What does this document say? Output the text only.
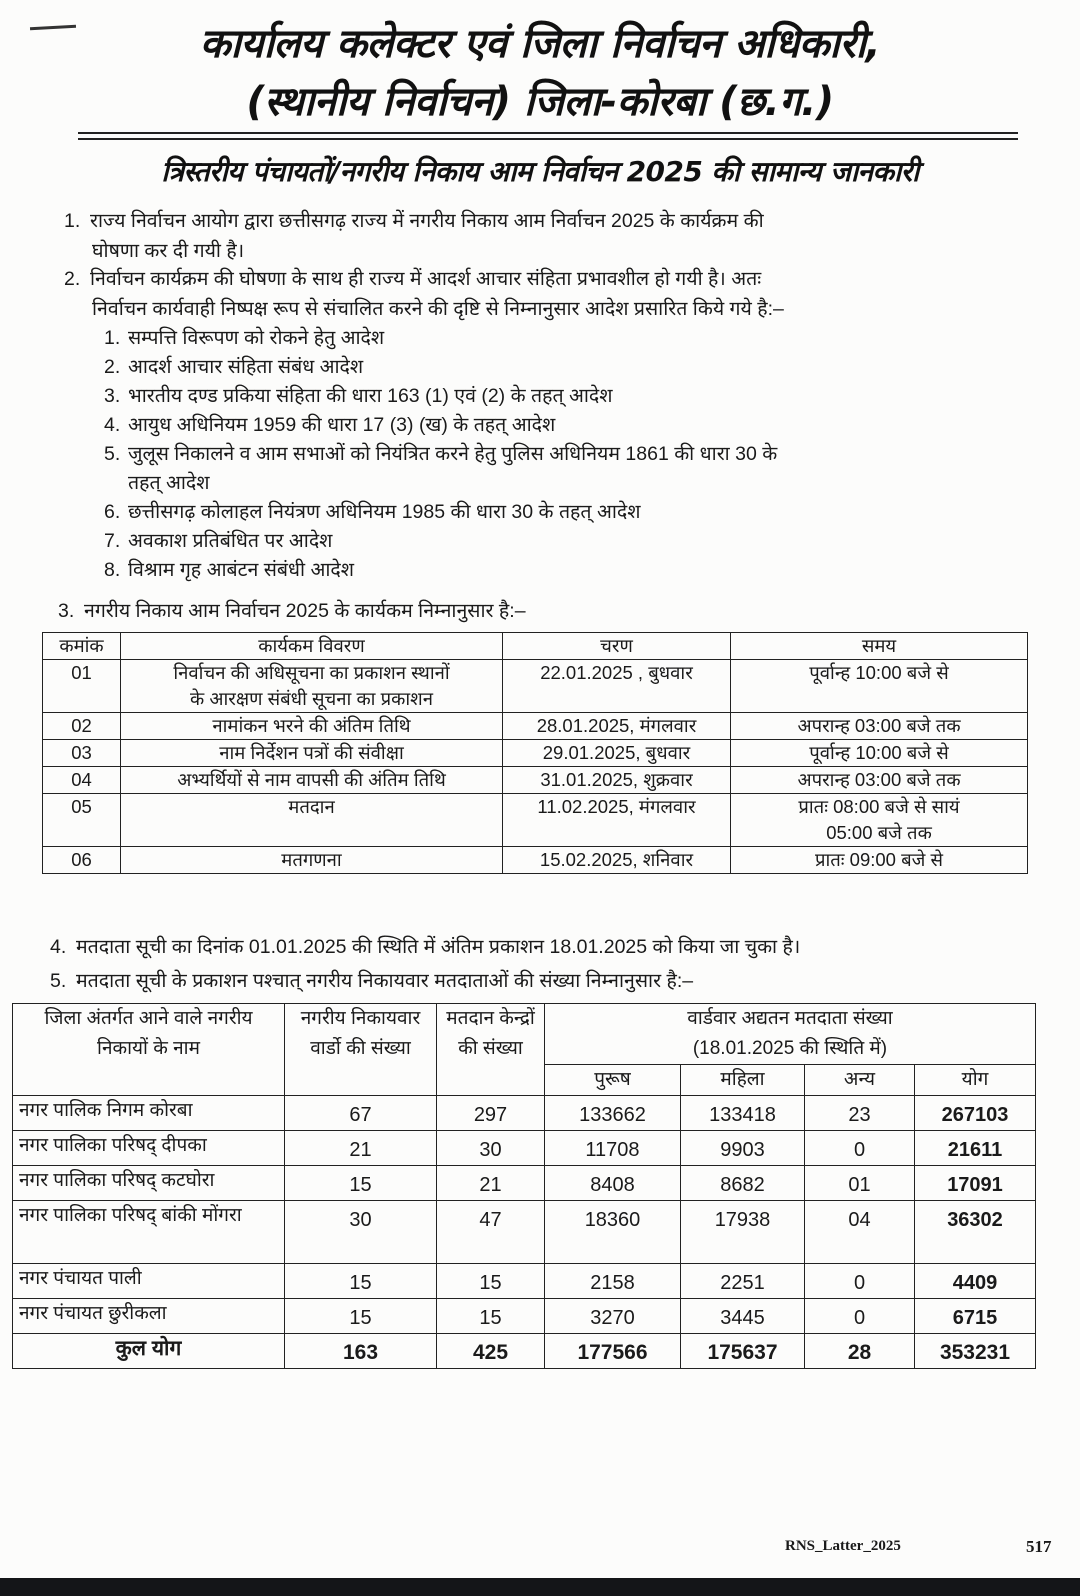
कार्यालय कलेक्टर एवं जिला निर्वाचन अधिकारी,
(स्थानीय निर्वाचन) जिला-कोरबा (छ.ग.)
त्रिस्तरीय पंचायतों/नगरीय निकाय आम निर्वाचन 2025 की सामान्य जानकारी
1. राज्य निर्वाचन आयोग द्वारा छत्तीसगढ़ राज्य में नगरीय निकाय आम निर्वाचन 2025 के कार्यक्रम की
घोषणा कर दी गयी है।
2. निर्वाचन कार्यक्रम की घोषणा के साथ ही राज्य में आदर्श आचार संहिता प्रभावशील हो गयी है। अतः
निर्वाचन कार्यवाही निष्पक्ष रूप से संचालित करने की दृष्टि से निम्नानुसार आदेश प्रसारित किये गये है:–
1. सम्पत्ति विरूपण को रोकने हेतु आदेश
2. आदर्श आचार संहिता संबंध आदेश
3. भारतीय दण्ड प्रकिया संहिता की धारा 163 (1) एवं (2) के तहत् आदेश
4. आयुध अधिनियम 1959 की धारा 17 (3) (ख) के तहत् आदेश
5. जुलूस निकालने व आम सभाओं को नियंत्रित करने हेतु पुलिस अधिनियम 1861 की धारा 30 के
तहत् आदेश
6. छत्तीसगढ़ कोलाहल नियंत्रण अधिनियम 1985 की धारा 30 के तहत् आदेश
7. अवकाश प्रतिबंधित पर आदेश
8. विश्राम गृह आबंटन संबंधी आदेश
3. नगरीय निकाय आम निर्वाचन 2025 के कार्यकम निम्नानुसार है:–
कमांक	कार्यकम विवरण	चरण	समय
01	निर्वाचन की अधिसूचना का प्रकाशन स्थानों
के आरक्षण संबंधी सूचना का प्रकाशन	22.01.2025 , बुधवार	पूर्वान्ह 10:00 बजे से
02	नामांकन भरने की अंतिम तिथि	28.01.2025, मंगलवार	अपरान्ह 03:00 बजे तक
03	नाम निर्देशन पत्रों की संवीक्षा	29.01.2025, बुधवार	पूर्वान्ह 10:00 बजे से
04	अभ्यर्थियों से नाम वापसी की अंतिम तिथि	31.01.2025, शुक्रवार	अपरान्ह 03:00 बजे तक
05	मतदान	11.02.2025, मंगलवार	प्रातः 08:00 बजे से सायं
05:00 बजे तक

06	मतगणना	15.02.2025, शनिवार	प्रातः 09:00 बजे से
4. मतदाता सूची का दिनांक 01.01.2025 की स्थिति में अंतिम प्रकाशन 18.01.2025 को किया जा चुका है।
5. मतदाता सूची के प्रकाशन पश्चात् नगरीय निकायवार मतदाताओं की संख्या निम्नानुसार है:–
जिला अंतर्गत आने वाले नगरीय निकायों के नाम	नगरीय निकायवार वार्डो की संख्या	मतदान केन्द्रों की संख्या	वार्डवार अद्यतन मतदाता संख्या
(18.01.2025 की स्थिति में)			

			पुरूष	महिला	अन्य	योग
नगर पालिक निगम कोरबा	67	297	133662	133418	23	267103
नगर पालिका परिषद् दीपका	21	30	11708	9903	0	21611
नगर पालिका परिषद् कटघोरा	15	21	8408	8682	01	17091
नगर पालिका परिषद् बांकी मोंगरा	30	47	18360	17938	04	36302
नगर पंचायत पाली	15	15	2158	2251	0	4409
नगर पंचायत छुरीकला	15	15	3270	3445	0	6715
कुल योग	163	425	177566	175637	28	353231
RNS_Latter_2025	517
